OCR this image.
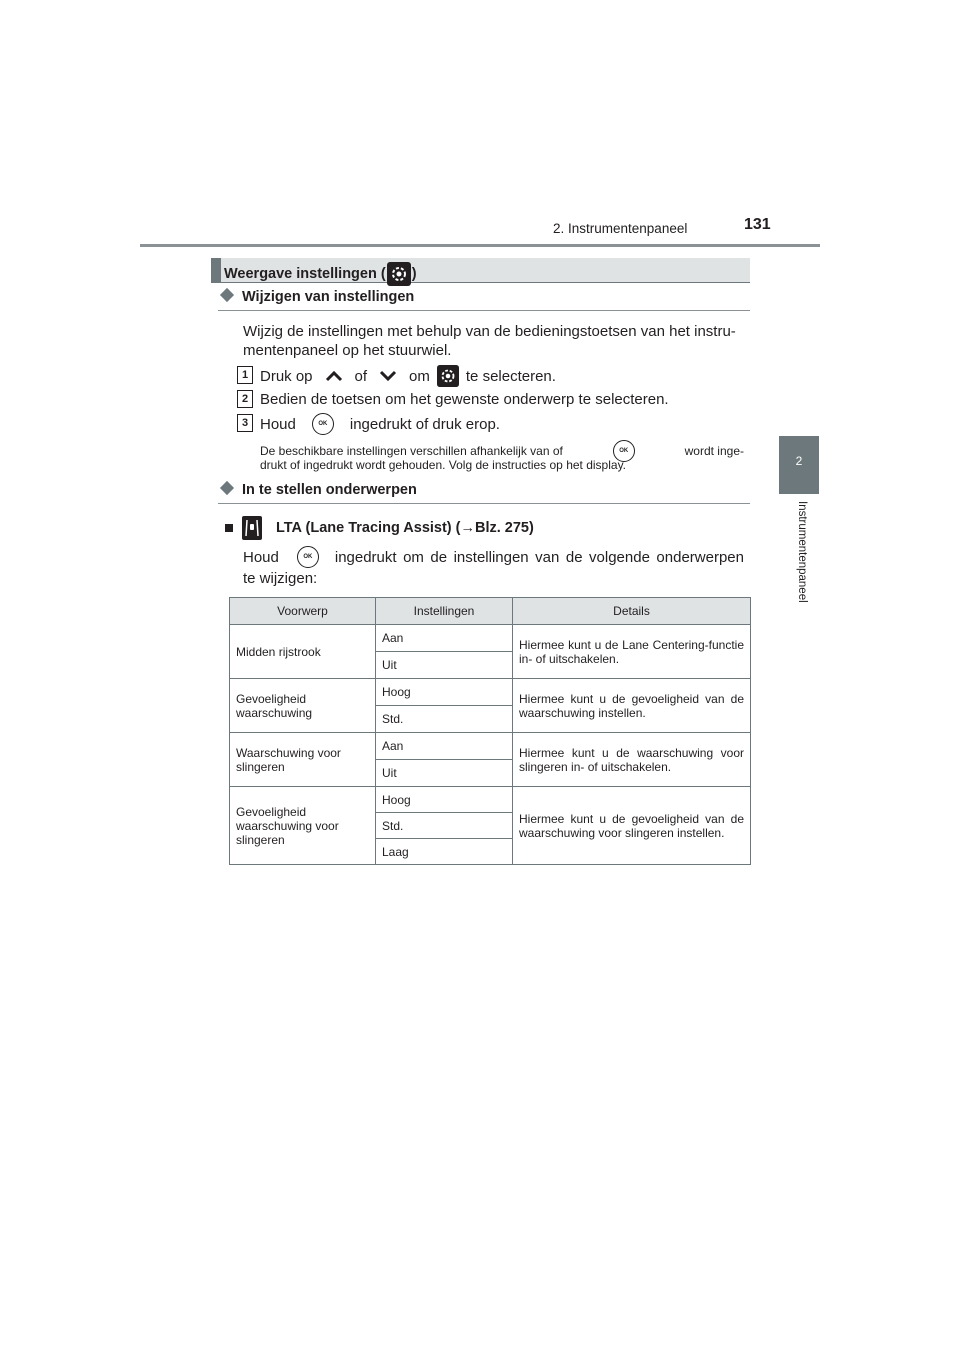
2. Instrumentenpaneel	131
2
Instrumentenpaneel
Weergave instellingen ( )
Wijzigen van instellingen
Wijzig de instellingen met behulp van de bedieningstoetsen van het instru-
mentenpaneel op het stuurwiel.
1 Druk op	of	om te selecteren.
2 Bedien de toetsen om het gewenste onderwerp te selecteren.
3 Houd	OK	ingedrukt of druk erop.
De beschikbare instellingen verschillen afhankelijk van of	OK	wordt inge-
drukt of ingedrukt wordt gehouden. Volg de instructies op het display.
In te stellen onderwerpen
LTA (Lane Tracing Assist) ( → Blz. 275)
Houd	OK	ingedrukt om de instellingen van de volgende onderwerpen
te wijzigen:
Voorwerp	Instellingen	Details
Midden rijstrook	Aan	Hiermee kunt u de Lane Centering-functie in- of uitschakelen.
	Uit	
Gevoeligheid waarschuwing	Hoog	Hiermee kunt u de gevoeligheid van de waarschuwing instellen.
	Std.	
Waarschuwing voor slingeren	Aan	Hiermee kunt u de waarschuwing voor slingeren in- of uitschakelen.
	Uit	
Gevoeligheid waarschuwing voor slingeren	Hoog	Hiermee kunt u de gevoeligheid van de waarschuwing voor slingeren instellen.
	Std.	
	Laag	
